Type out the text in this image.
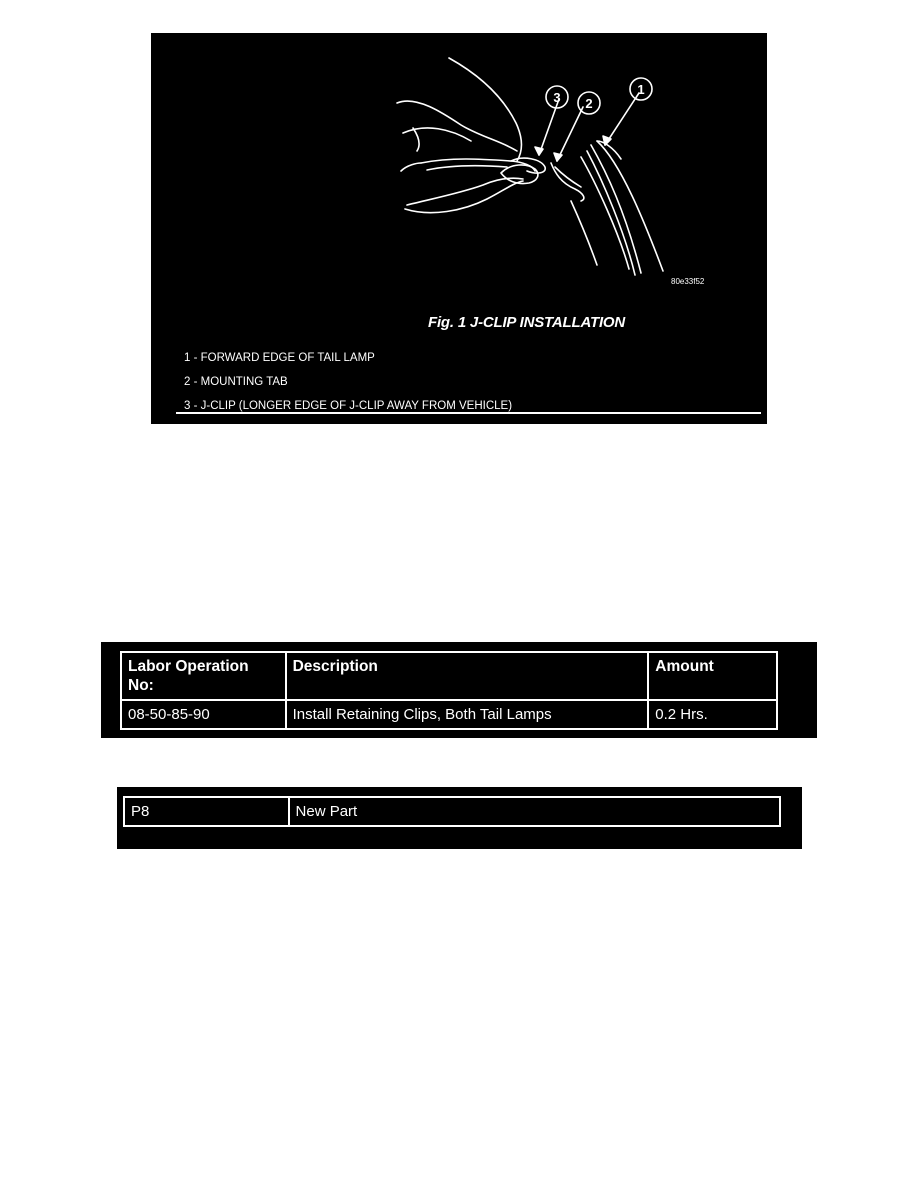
3 2
1
80e33f52
Fig. 1 J-CLIP INSTALLATION
1 - FORWARD EDGE OF TAIL LAMP
2 - MOUNTING TAB
3 - J-CLIP (LONGER EDGE OF J-CLIP AWAY FROM VEHICLE)
Labor Operation No:	Description	Amount
08-50-85-90	Install Retaining Clips, Both Tail Lamps	0.2 Hrs.
P8	New Part
